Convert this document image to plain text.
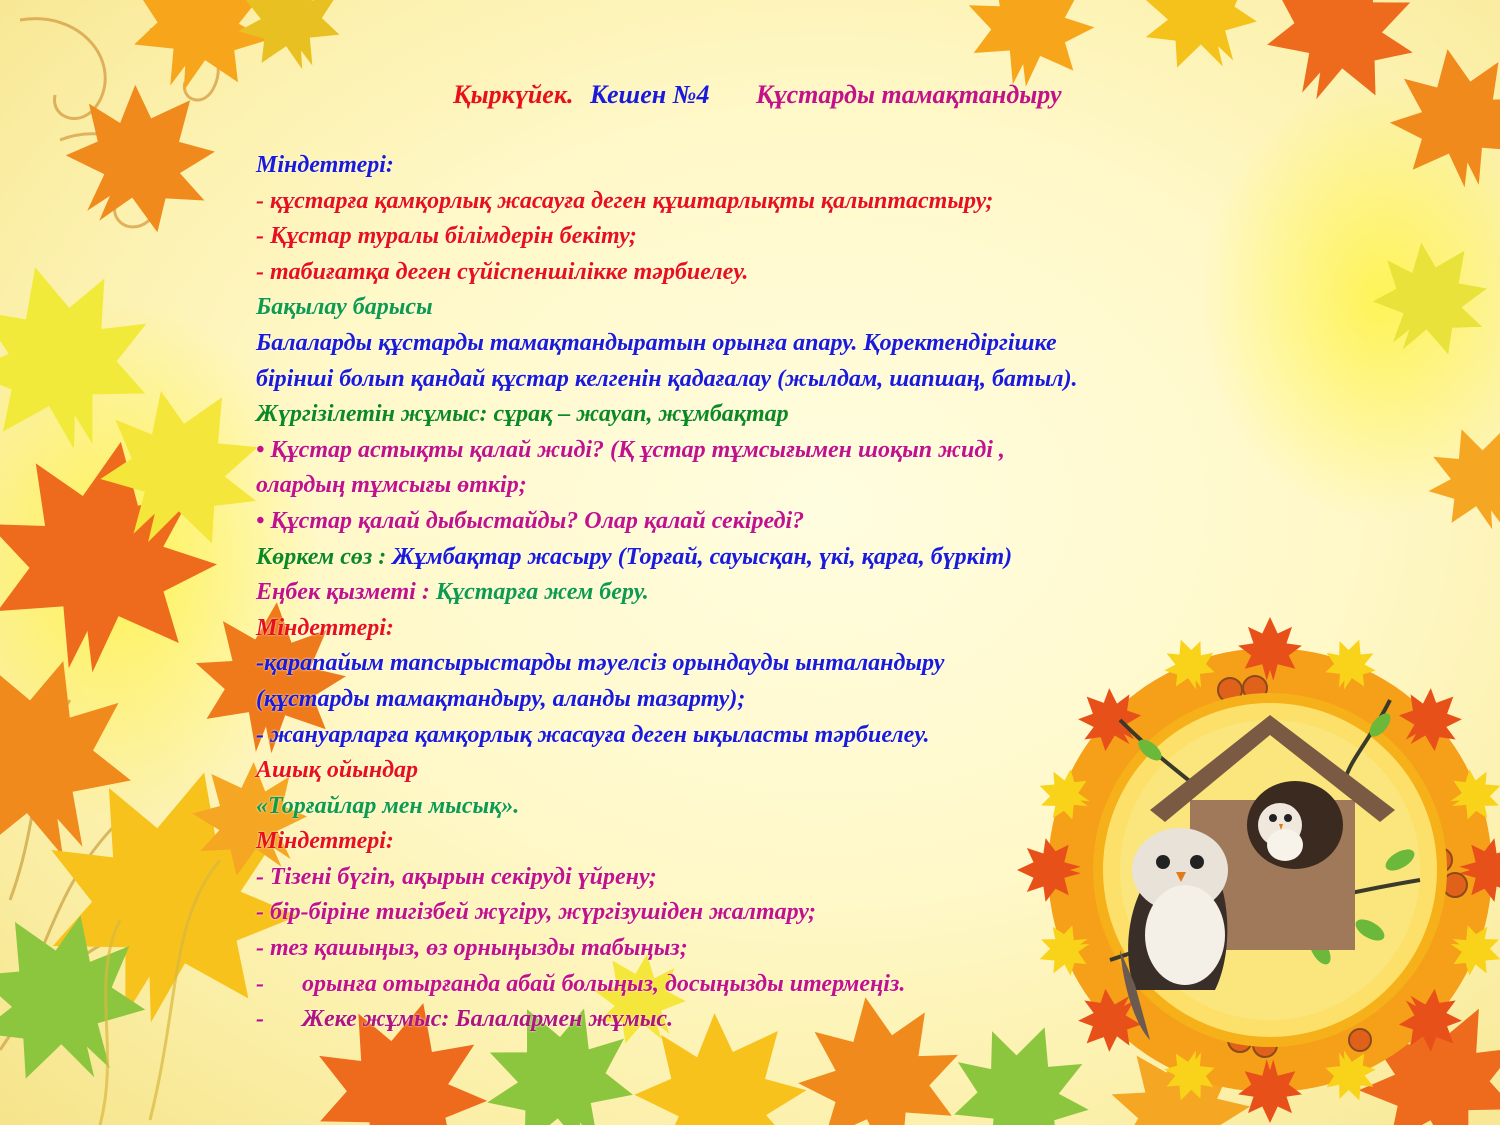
Қыркүйек. Кешен №4 Құстарды тамақтандыру
Міндеттері:
- құстарға қамқорлық жасауға деген құштарлықты қалыптастыру;
- Құстар туралы білімдерін бекіту;
- табиғатқа деген сүйіспеншілікке тәрбиелеу.
Бақылау барысы
Балаларды құстарды тамақтандыратын орынға апару. Қоректендіргішке
бірінші болып қандай құстар келгенін қадағалау (жылдам, шапшаң, батыл).
Жүргізілетін жұмыс: сұрақ – жауап, жұмбақтар
• Құстар астықты қалай жиді? (Қ ұстар тұмсығымен шоқып жиді ,
олардың тұмсығы өткір;
• Құстар қалай дыбыстайды? Олар қалай секіреді?
Көркем сөз : Жұмбақтар жасыру (Торғай, сауысқан, үкі, қарға, бүркіт)
Еңбек қызметі : Құстарға жем беру.
Міндеттері:
-қарапайым тапсырыстарды тәуелсіз орындауды ынталандыру
(құстарды тамақтандыру, аланды тазарту);
- жануарларға қамқорлық жасауға деген ықыласты тәрбиелеу.
Ашық ойындар
«Торғайлар мен мысық».
Міндеттері:
- Тізені бүгіп, ақырын секіруді үйрену;
- бір-біріне тигізбей жүгіру, жүргізушіден жалтару;
- тез қашыңыз, өз орныңызды табыңыз;
- орынға отырғанда абай болыңыз, досыңызды итермеңіз.
- Жеке жұмыс: Балалармен жұмыс.
